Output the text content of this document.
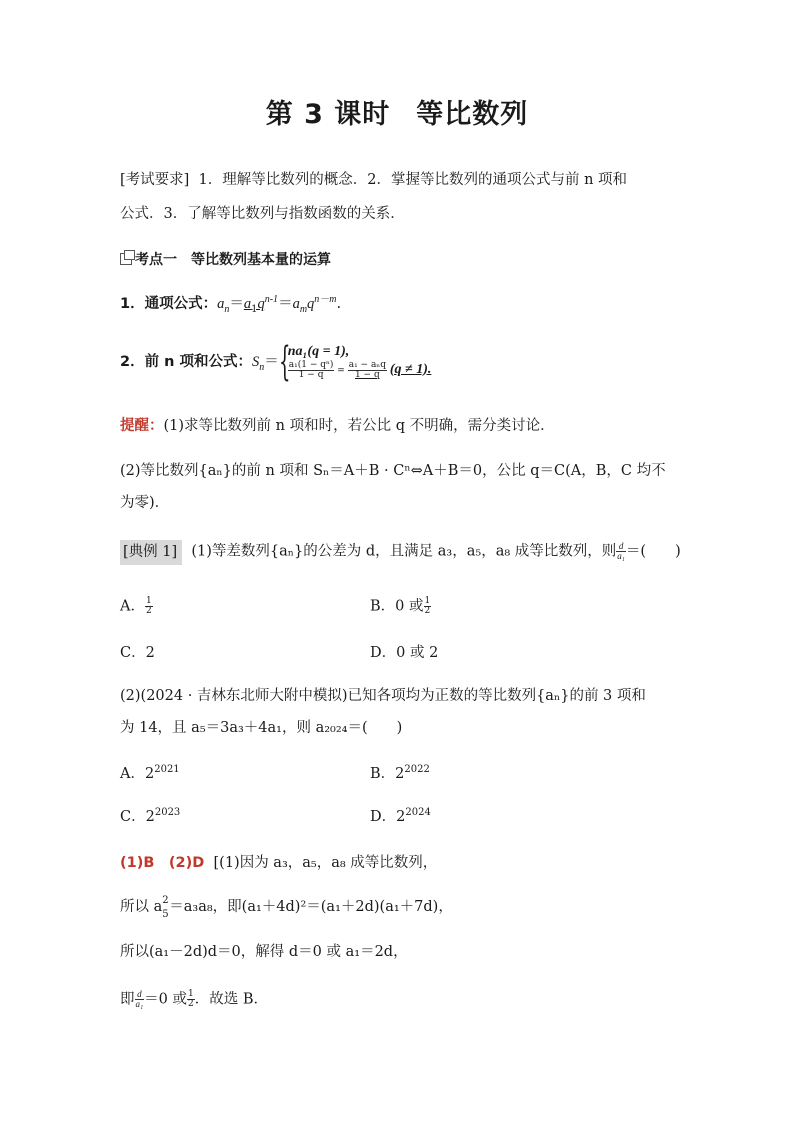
第 3 课时 等比数列
[考试要求] 1．理解等比数列的概念．2．掌握等比数列的通项公式与前 n 项和
公式．3．了解等比数列与指数函数的关系．
考点一　等比数列基本量的运算
1．通项公式：$a_n=a_1q^{n-1}=a_mq^{n-m}$.
2．前 n 项和公式：$S_n=${
na₁(q = 1),
$\frac{\text{a₁(1 − qⁿ)}}{1 - q} = \frac{\text{a₁ − aₙq}}{1 - q} (q \ne 1)$.
提醒：(1)求等比数列前 n 项和时，若公比 q 不明确，需分类讨论．
(2)等比数列{aₙ}的前 n 项和 Sₙ＝A＋B · Cⁿ⇔A＋B＝0，公比 q＝C(A，B，C 均不
为零)．
[典例 1] (1)等差数列{aₙ}的公差为 d，且满足 a₃，a₅，a₈ 成等比数列，则 $\frac{d}{\text{a₁}}$ ＝(　　)
A． $\frac{1}{2}$	B．0 或 $\frac{1}{2}$
C．2	D．0 或 2
(2)(2024 · 吉林东北师大附中模拟)已知各项均为正数的等比数列{aₙ}的前 3 项和
为 14，且 a₅＝3a₃＋4a₁，则 a₂₀₂₄＝(　　)
A．$2^{2021}$	B．$2^{2022}$
C．$2^{2023}$	D．$2^{2024}$
(1)B　(2)D [(1)因为 a₃，a₅，a₈ 成等比数列，
所以 a 2
5 ＝a₃a₈，即(a₁＋4d)²＝(a₁＋2d)(a₁＋7d)，
所以(a₁－2d)d＝0，解得 d＝0 或 a₁＝2d，
即 $\frac{d}{\text{a₁}} =0$ 或 $\frac{1}{2}$ ．故选 B．
